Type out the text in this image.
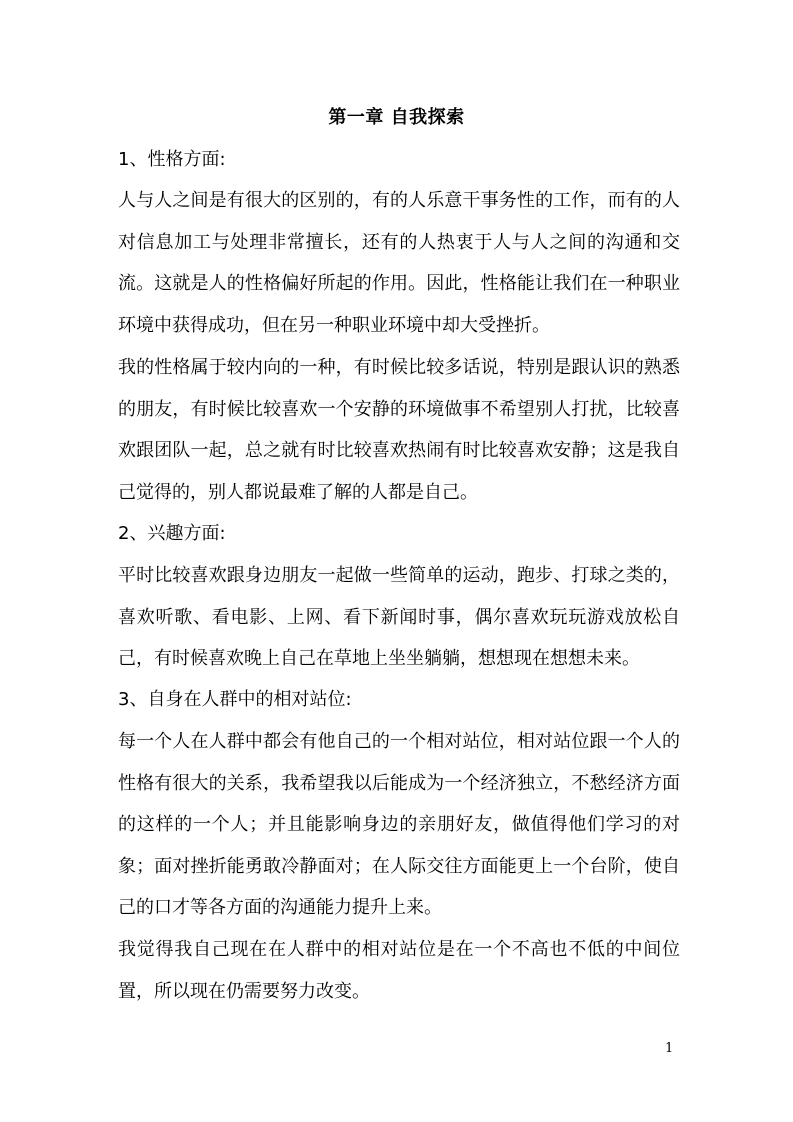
第一章 自我探索
1、性格方面:
人与人之间是有很大的区别的，有的人乐意干事务性的工作，而有的人对信息加工与处理非常擅长，还有的人热衷于人与人之间的沟通和交流。这就是人的性格偏好所起的作用。因此，性格能让我们在一种职业环境中获得成功，但在另一种职业环境中却大受挫折。
我的性格属于较内向的一种，有时候比较多话说，特别是跟认识的熟悉的朋友，有时候比较喜欢一个安静的环境做事不希望别人打扰，比较喜欢跟团队一起，总之就有时比较喜欢热闹有时比较喜欢安静；这是我自己觉得的，别人都说最难了解的人都是自己。
2、兴趣方面:
平时比较喜欢跟身边朋友一起做一些简单的运动，跑步、打球之类的，喜欢听歌、看电影、上网、看下新闻时事，偶尔喜欢玩玩游戏放松自己，有时候喜欢晚上自己在草地上坐坐躺躺，想想现在想想未来。
3、自身在人群中的相对站位:
每一个人在人群中都会有他自己的一个相对站位，相对站位跟一个人的性格有很大的关系，我希望我以后能成为一个经济独立，不愁经济方面的这样的一个人；并且能影响身边的亲朋好友，做值得他们学习的对象；面对挫折能勇敢冷静面对；在人际交往方面能更上一个台阶，使自己的口才等各方面的沟通能力提升上来。
我觉得我自己现在在人群中的相对站位是在一个不高也不低的中间位置，所以现在仍需要努力改变。
1
